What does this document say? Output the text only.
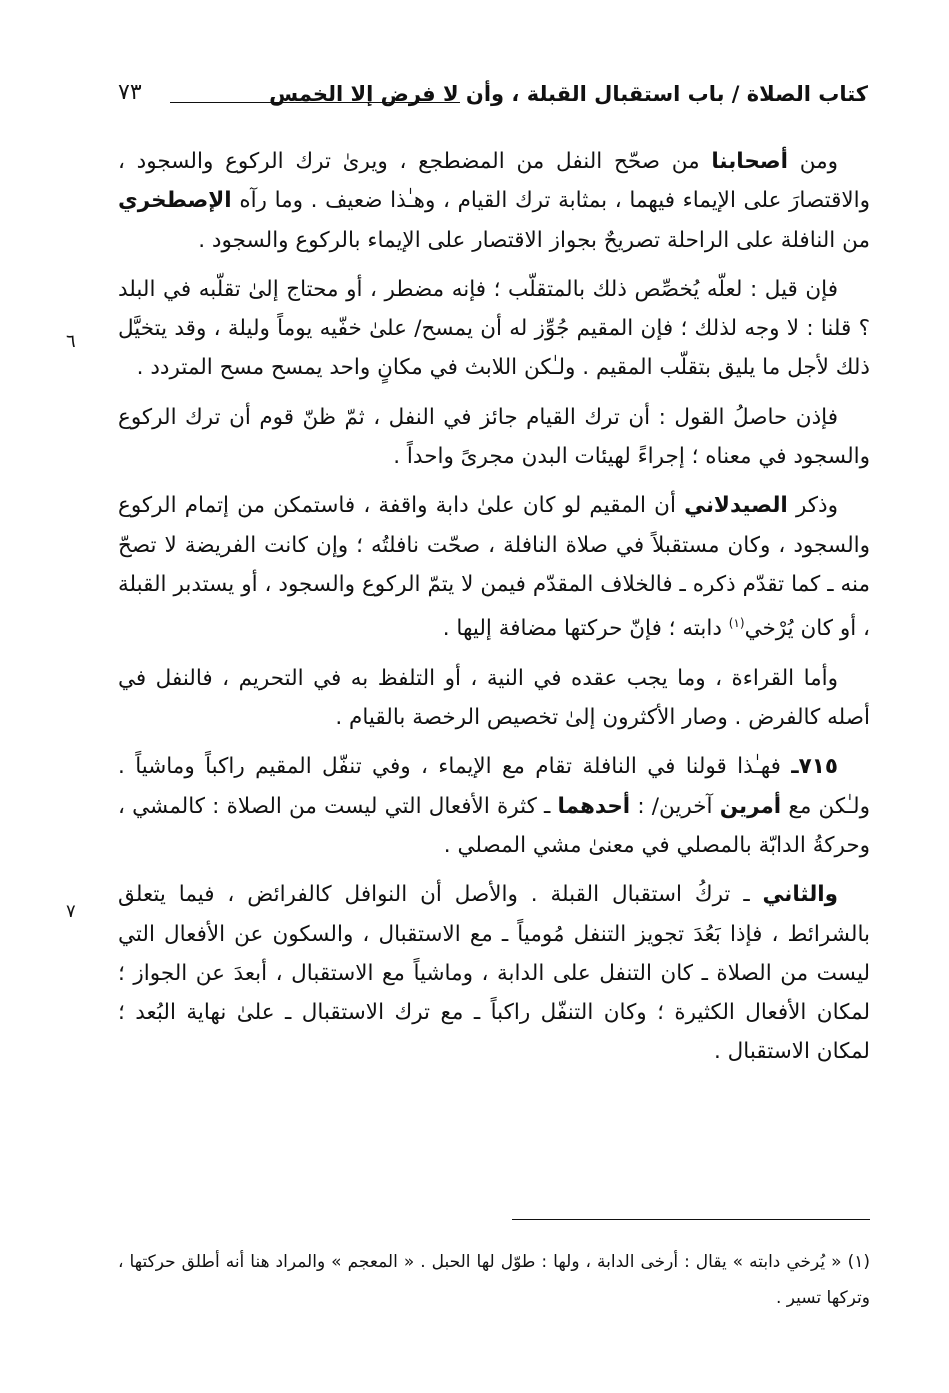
كتاب الصلاة / باب استقبال القبلة ، وأن لا فرض إلا الخمس
٧٣
٦
٧

ومن أصحابنا من صحّح النفل من المضطجع ، ويرىٰ ترك الركوع والسجود ، والاقتصارَ على الإيماء فيهما ، بمثابة ترك القيام ، وهـٰذا ضعيف . وما رآه الإصطخري من النافلة على الراحلة تصريحٌ بجواز الاقتصار على الإيماء بالركوع والسجود .

فإن قيل : لعلّه يُخصِّص ذلك بالمتقلّب ؛ فإنه مضطر ، أو محتاج إلىٰ تقلّبه في البلد ؟ قلنا : لا وجه لذلك ؛ فإن المقيم جُوِّز له أن يمسح/ علىٰ خفّيه يوماً وليلة ، وقد يتخيَّل ذلك لأجل ما يليق بتقلّب المقيم . ولـٰكن اللابث في مكانٍ واحد يمسح مسح المتردد .

فإذن حاصلُ القول : أن ترك القيام جائز في النفل ، ثمّ ظنّ قوم أن ترك الركوع والسجود في معناه ؛ إجراءً لهيئات البدن مجرىً واحداً .

وذكر الصيدلاني أن المقيم لو كان علىٰ دابة واقفة ، فاستمكن من إتمام الركوع والسجود ، وكان مستقبلاً في صلاة النافلة ، صحّت نافلتُه ؛ وإن كانت الفريضة لا تصحّ منه ـ كما تقدّم ذكره ـ فالخلاف المقدّم فيمن لا يتمّ الركوع والسجود ، أو يستدبر القبلة ، أو كان يُرْخي$^{(١)}$ دابته ؛ فإنّ حركتها مضافة إليها .

وأما القراءة ، وما يجب عقده في النية ، أو التلفظ به في التحريم ، فالنفل في أصله كالفرض . وصار الأكثرون إلىٰ تخصيص الرخصة بالقيام .

٧١٥ـ فهـٰذا قولنا في النافلة تقام مع الإيماء ، وفي تنفّل المقيم راكباً وماشياً . ولـٰكن مع أمرين آخرين/ : أحدهما ـ كثرة الأفعال التي ليست من الصلاة : كالمشي ، وحركةُ الدابّة بالمصلي في معنىٰ مشي المصلي .

والثاني ـ تركُ استقبال القبلة . والأصل أن النوافل كالفرائض ، فيما يتعلق بالشرائط ، فإذا بَعُدَ تجويز التنفل مُومياً ـ مع الاستقبال ، والسكون عن الأفعال التي ليست من الصلاة ـ كان التنفل على الدابة ، وماشياً مع الاستقبال ، أبعدَ عن الجواز ؛ لمكان الأفعال الكثيرة ؛ وكان التنفّل راكباً ـ مع ترك الاستقبال ـ علىٰ نهاية البُعد ؛ لمكان الاستقبال .

(١) « يُرخي دابته » يقال : أرخى الدابة ، ولها : طوّل لها الحبل . « المعجم » والمراد هنا أنه أطلق حركتها ، وتركها تسير .
